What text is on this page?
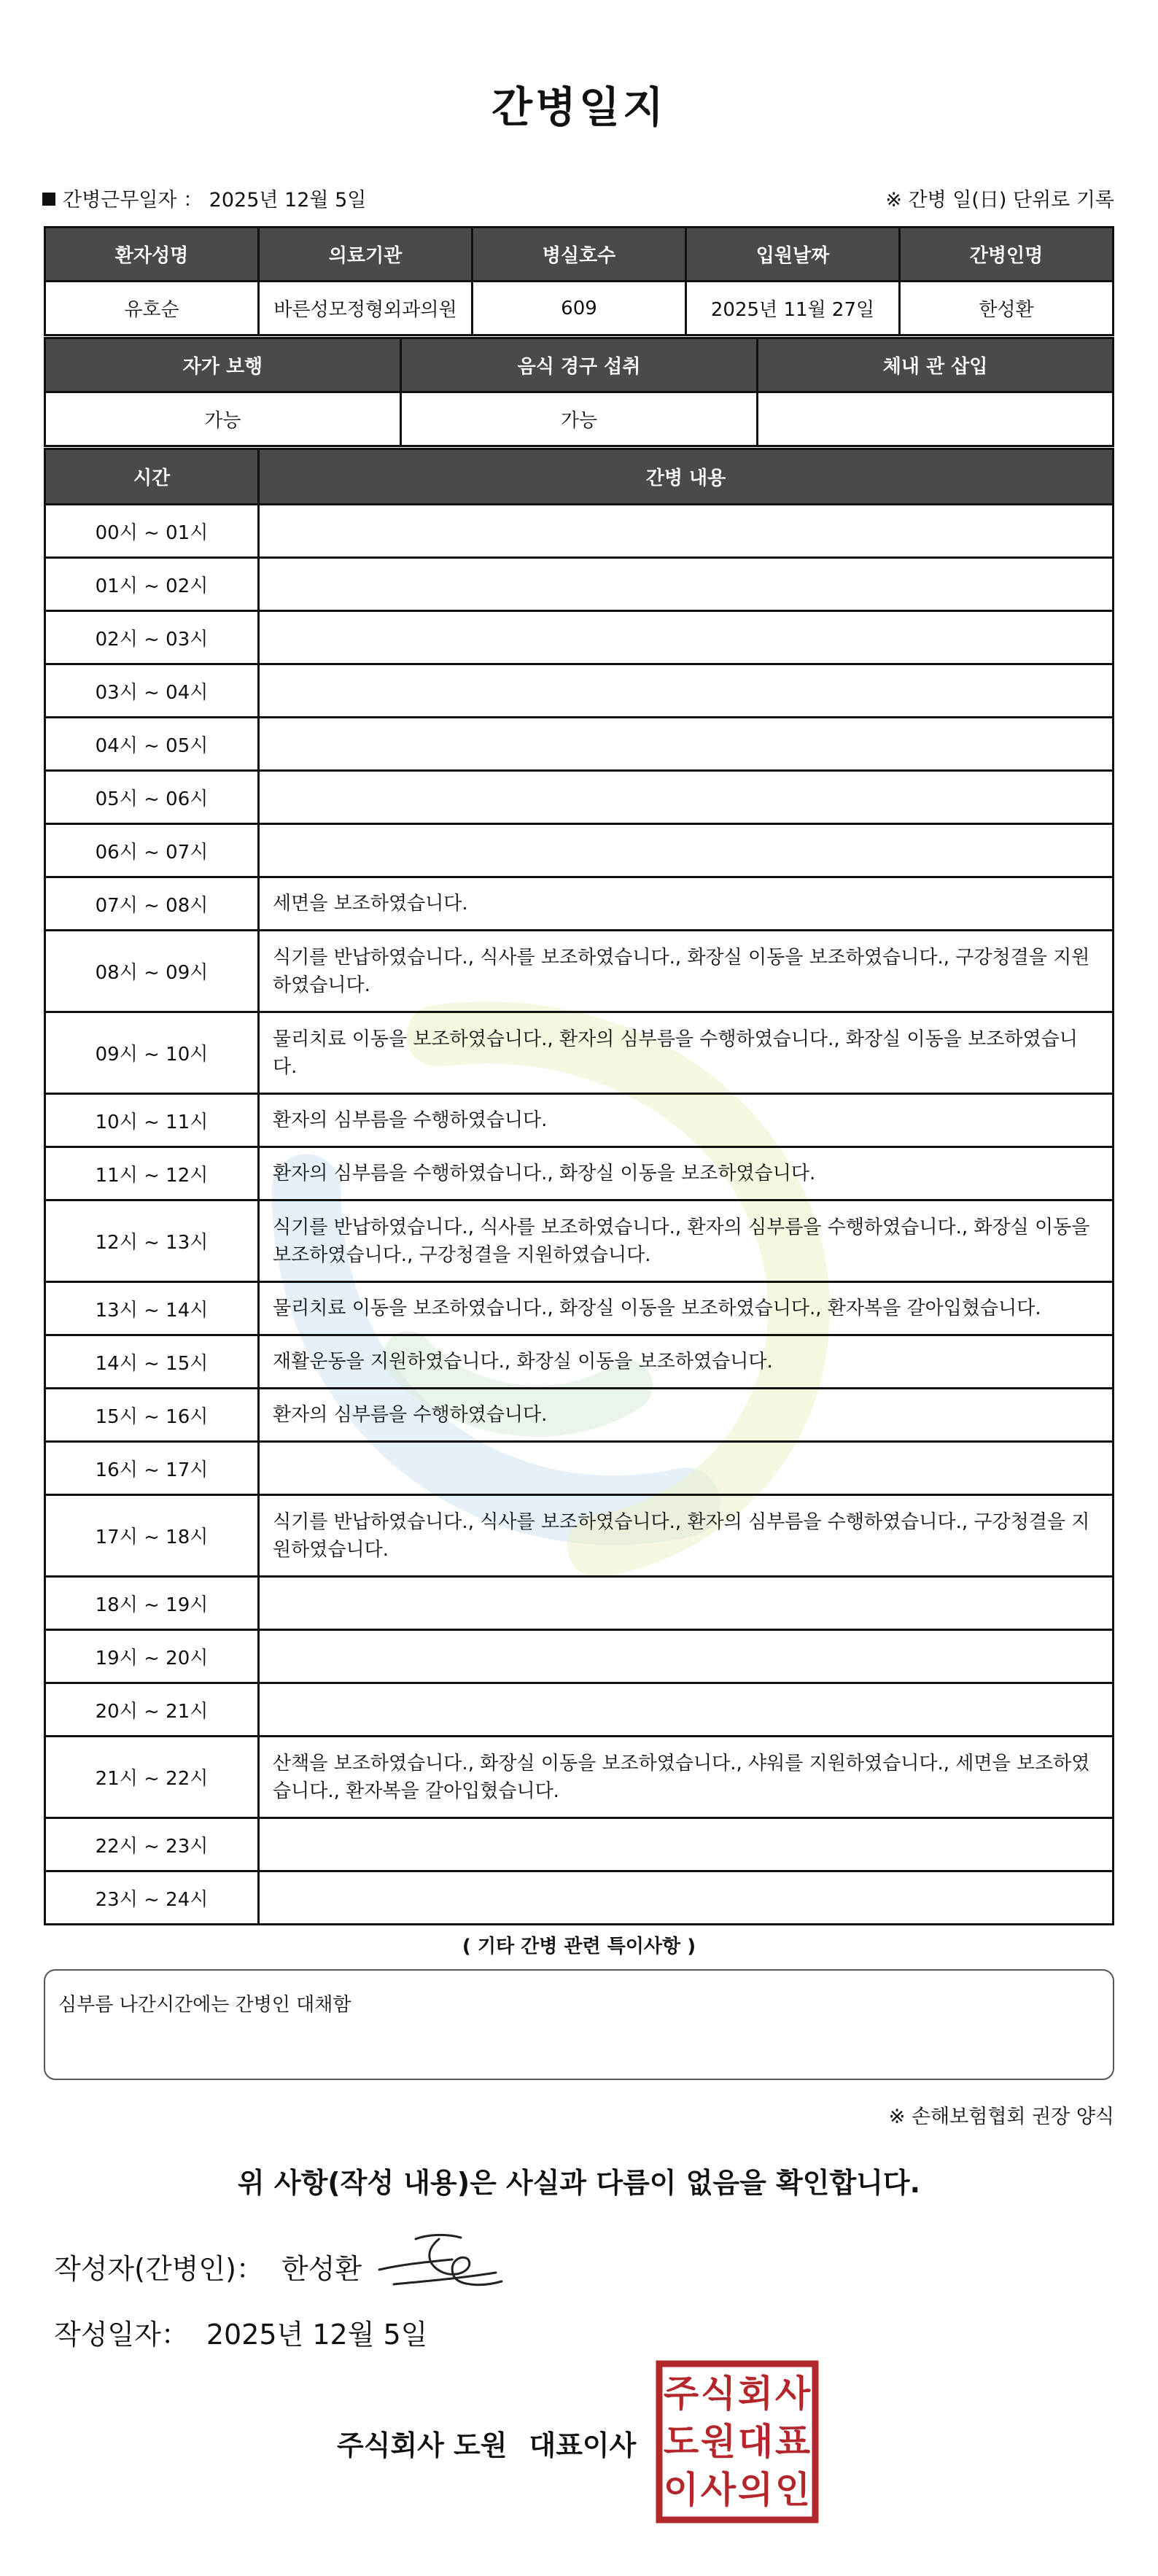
간병일지
간병근무일자 ： 2025년 12월 5일	※ 간병 일(日) 단위로 기록
환자성명	의료기관	병실호수	입원날짜	간병인명
유호순	바른성모정형외과의원	609	2025년 11월 27일	한성환
자가 보행	음식 경구 섭취	체내 관 삽입
가능	가능	
시간	간병 내용
00시 ~ 01시	
01시 ~ 02시	
02시 ~ 03시	
03시 ~ 04시	
04시 ~ 05시	
05시 ~ 06시	
06시 ~ 07시	
07시 ~ 08시	세면을 보조하였습니다.
08시 ~ 09시	식기를 반납하였습니다., 식사를 보조하였습니다., 화장실 이동을 보조하였습니다., 구강청결을 지원하였습니다.
09시 ~ 10시	물리치료 이동을 보조하였습니다., 환자의 심부름을 수행하였습니다., 화장실 이동을 보조하였습니다.
10시 ~ 11시	환자의 심부름을 수행하였습니다.
11시 ~ 12시	환자의 심부름을 수행하였습니다., 화장실 이동을 보조하였습니다.
12시 ~ 13시	식기를 반납하였습니다., 식사를 보조하였습니다., 환자의 심부름을 수행하였습니다., 화장실 이동을 보조하였습니다., 구강청결을 지원하였습니다.
13시 ~ 14시	물리치료 이동을 보조하였습니다., 화장실 이동을 보조하였습니다., 환자복을 갈아입혔습니다.
14시 ~ 15시	재활운동을 지원하였습니다., 화장실 이동을 보조하였습니다.
15시 ~ 16시	환자의 심부름을 수행하였습니다.
16시 ~ 17시	
17시 ~ 18시	식기를 반납하였습니다., 식사를 보조하였습니다., 환자의 심부름을 수행하였습니다., 구강청결을 지원하였습니다.
18시 ~ 19시	
19시 ~ 20시	
20시 ~ 21시	
21시 ~ 22시	산책을 보조하였습니다., 화장실 이동을 보조하였습니다., 샤워를 지원하였습니다., 세면을 보조하였습니다., 환자복을 갈아입혔습니다.
22시 ~ 23시	
23시 ~ 24시	
( 기타 간병 관련 특이사항 )
심부름 나간시간에는 간병인 대채함
※ 손해보험협회 권장 양식
위 사항(작성 내용)은 사실과 다름이 없음을 확인합니다.
작성자(간병인)： 한성환
작성일자： 2025년 12월 5일
주식회사 도원 대표이사
주 식 회 사
도 원 대 표
이 사 의 인
